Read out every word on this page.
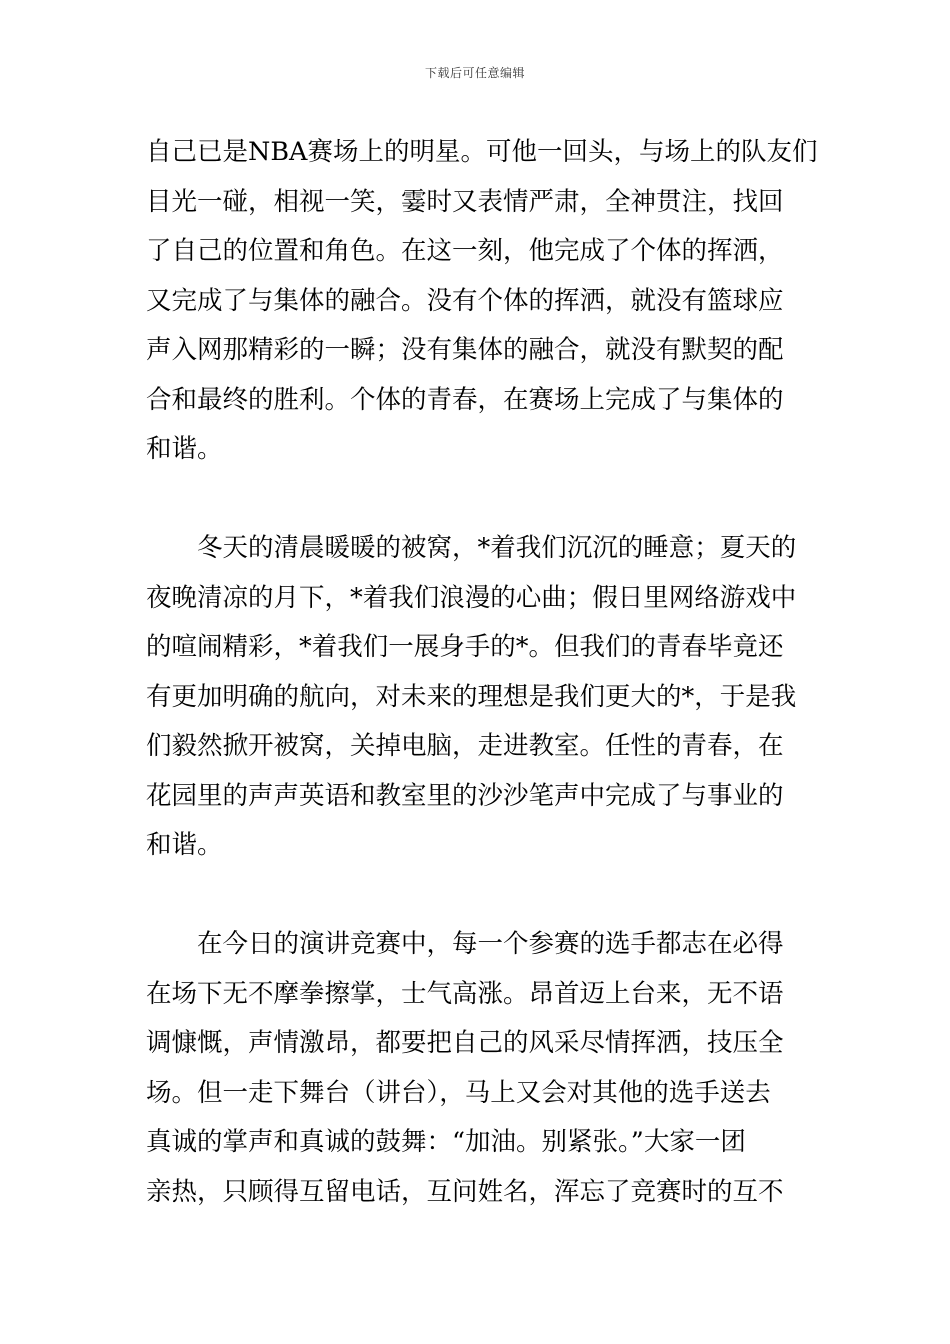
下载后可任意编辑
自己已是NBA赛场上的明星。可他一回头，与场上的队友们
目光一碰，相视一笑，霎时又表情严肃，全神贯注，找回
了自己的位置和角色。在这一刻，他完成了个体的挥洒，
又完成了与集体的融合。没有个体的挥洒，就没有篮球应
声入网那精彩的一瞬；没有集体的融合，就没有默契的配
合和最终的胜利。个体的青春，在赛场上完成了与集体的
和谐。
冬天的清晨暖暖的被窝，*着我们沉沉的睡意；夏天的
夜晚清凉的月下，*着我们浪漫的心曲；假日里网络游戏中
的喧闹精彩，*着我们一展身手的*。但我们的青春毕竟还
有更加明确的航向，对未来的理想是我们更大的*，于是我
们毅然掀开被窝，关掉电脑，走进教室。任性的青春，在
花园里的声声英语和教室里的沙沙笔声中完成了与事业的
和谐。
在今日的演讲竞赛中，每一个参赛的选手都志在必得
在场下无不摩拳擦掌，士气高涨。昂首迈上台来，无不语
调慷慨，声情激昂，都要把自己的风采尽情挥洒，技压全
场。但一走下舞台（讲台），马上又会对其他的选手送去
真诚的掌声和真诚的鼓舞：“加油。别紧张。”大家一团
亲热，只顾得互留电话，互问姓名，浑忘了竞赛时的互不
